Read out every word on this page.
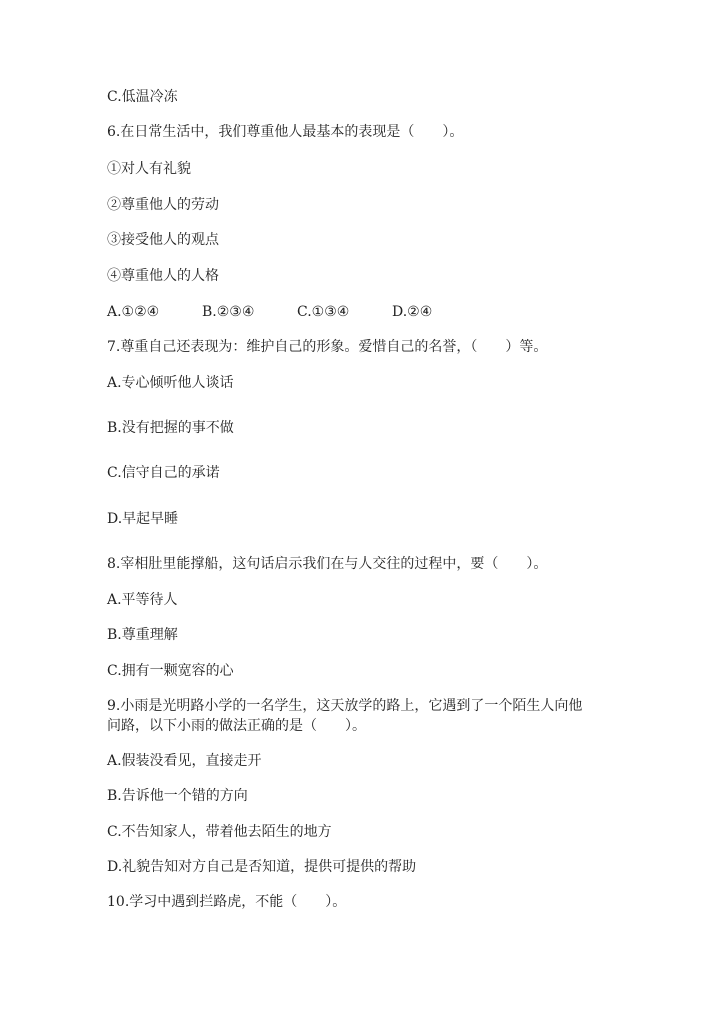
C.低温冷冻

6.在日常生活中，我们尊重他人最基本的表现是（　　）。

①对人有礼貌

②尊重他人的劳动

③接受他人的观点

④尊重他人的人格

A.①②④	B.②③④	C.①③④	D.②④

7.尊重自己还表现为：维护自己的形象。爱惜自己的名誉，（　　）等。

A.专心倾听他人谈话

B.没有把握的事不做

C.信守自己的承诺

D.早起早睡

8.宰相肚里能撑船，这句话启示我们在与人交往的过程中，要（　　）。

A.平等待人

B.尊重理解

C.拥有一颗宽容的心

9.小雨是光明路小学的一名学生，这天放学的路上，它遇到了一个陌生人向他

问路，以下小雨的做法正确的是（　　）。

A.假装没看见，直接走开

B.告诉他一个错的方向

C.不告知家人，带着他去陌生的地方

D.礼貌告知对方自己是否知道，提供可提供的帮助

10.学习中遇到拦路虎，不能（　　）。
